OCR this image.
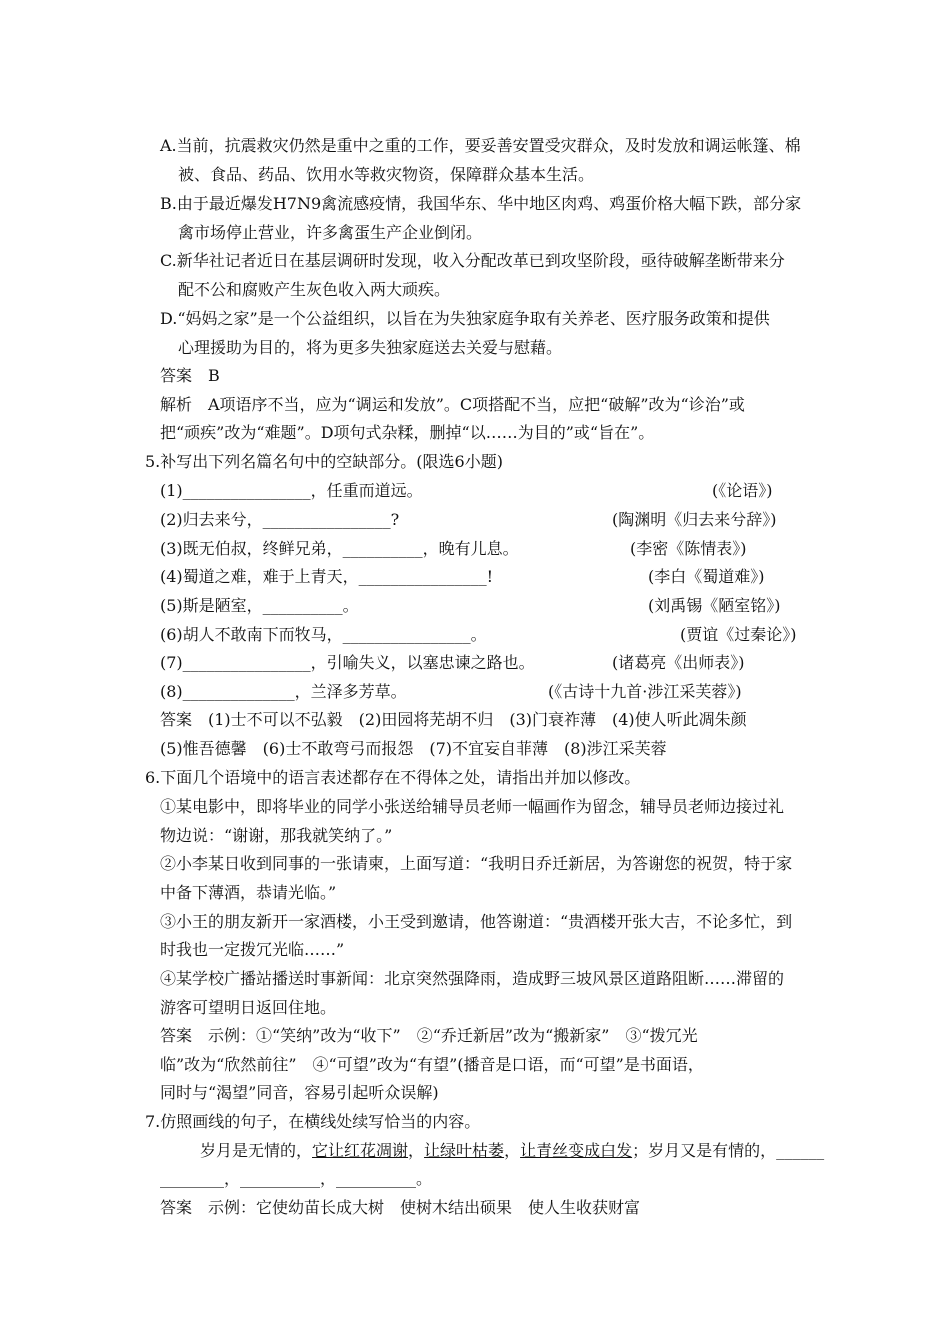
A.当前，抗震救灾仍然是重中之重的工作，要妥善安置受灾群众，及时发放和调运帐篷、棉
被、食品、药品、饮用水等救灾物资，保障群众基本生活。
B.由于最近爆发H7N9禽流感疫情，我国华东、华中地区肉鸡、鸡蛋价格大幅下跌，部分家
禽市场停止营业，许多禽蛋生产企业倒闭。
C.新华社记者近日在基层调研时发现，收入分配改革已到攻坚阶段，亟待破解垄断带来分
配不公和腐败产生灰色收入两大顽疾。
D.“妈妈之家”是一个公益组织，以旨在为失独家庭争取有关养老、医疗服务政策和提供
心理援助为目的，将为更多失独家庭送去关爱与慰藉。
答案　B
解析　A项语序不当，应为“调运和发放”。C项搭配不当，应把“破解”改为“诊治”或
把“顽疾”改为“难题”。D项句式杂糅，删掉“以……为目的”或“旨在”。
5.补写出下列名篇名句中的空缺部分。(限选6小题)
(1)________________，任重而道远。	(《论语》)
(2)归去来兮，________________?	(陶渊明《归去来兮辞》)
(3)既无伯叔，终鲜兄弟，__________，晚有儿息。	(李密《陈情表》)
(4)蜀道之难，难于上青天，________________!	(李白《蜀道难》)
(5)斯是陋室，__________。	(刘禹锡《陋室铭》)
(6)胡人不敢南下而牧马，________________。	(贾谊《过秦论》)
(7)________________，引喻失义，以塞忠谏之路也。	(诸葛亮《出师表》)
(8)______________，兰泽多芳草。	(《古诗十九首·涉江采芙蓉》)
答案　(1)士不可以不弘毅　(2)田园将芜胡不归　(3)门衰祚薄　(4)使人听此凋朱颜
(5)惟吾德馨　(6)士不敢弯弓而报怨　(7)不宜妄自菲薄　(8)涉江采芙蓉
6.下面几个语境中的语言表述都存在不得体之处，请指出并加以修改。
①某电影中，即将毕业的同学小张送给辅导员老师一幅画作为留念，辅导员老师边接过礼
物边说：“谢谢，那我就笑纳了。”
②小李某日收到同事的一张请柬，上面写道：“我明日乔迁新居，为答谢您的祝贺，特于家
中备下薄酒，恭请光临。”
③小王的朋友新开一家酒楼，小王受到邀请，他答谢道：“贵酒楼开张大吉，不论多忙，到
时我也一定拨冗光临……”
④某学校广播站播送时事新闻：北京突然强降雨，造成野三坡风景区道路阻断……滞留的
游客可望明日返回住地。
答案　示例：①“笑纳”改为“收下”　②“乔迁新居”改为“搬新家”　③“拨冗光
临”改为“欣然前往”　④“可望”改为“有望”(播音是口语，而“可望”是书面语，
同时与“渴望”同音，容易引起听众误解)
7.仿照画线的句子，在横线处续写恰当的内容。
岁月是无情的，它让红花凋谢，让绿叶枯萎，让青丝变成白发；岁月又是有情的，______
________，__________，__________。
答案　示例：它使幼苗长成大树　使树木结出硕果　使人生收获财富
